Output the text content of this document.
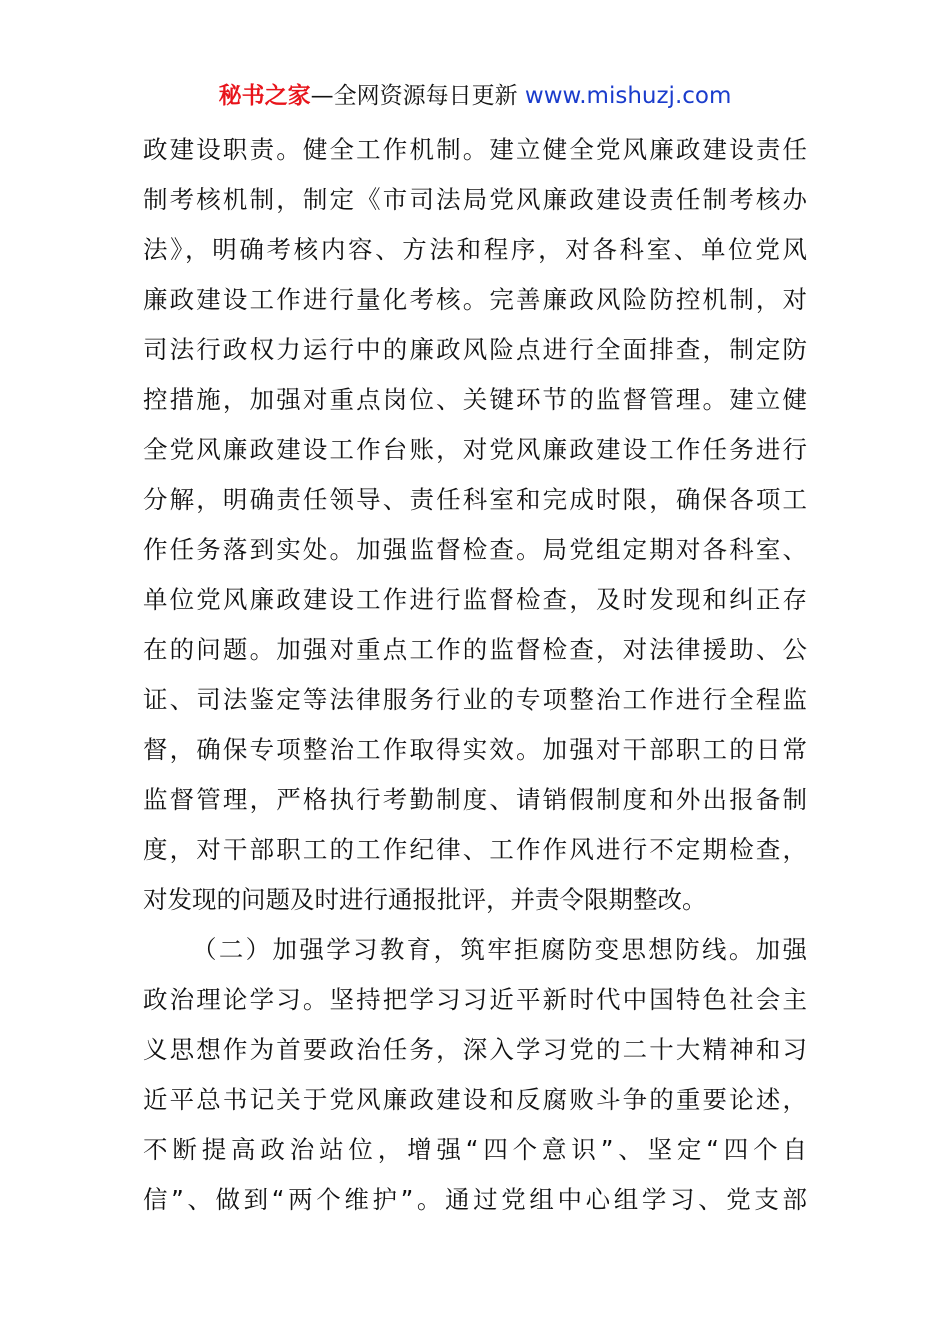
秘书之家—全网资源每日更新 www.mishuzj.com
政建设职责。健全工作机制。建立健全党风廉政建设责任
制考核机制，制定《市司法局党风廉政建设责任制考核办
法》，明确考核内容、方法和程序，对各科室、单位党风
廉政建设工作进行量化考核。完善廉政风险防控机制，对
司法行政权力运行中的廉政风险点进行全面排查，制定防
控措施，加强对重点岗位、关键环节的监督管理。建立健
全党风廉政建设工作台账，对党风廉政建设工作任务进行
分解，明确责任领导、责任科室和完成时限，确保各项工
作任务落到实处。加强监督检查。局党组定期对各科室、
单位党风廉政建设工作进行监督检查，及时发现和纠正存
在的问题。加强对重点工作的监督检查，对法律援助、公
证、司法鉴定等法律服务行业的专项整治工作进行全程监
督，确保专项整治工作取得实效。加强对干部职工的日常
监督管理，严格执行考勤制度、请销假制度和外出报备制
度，对干部职工的工作纪律、工作作风进行不定期检查，
对发现的问题及时进行通报批评，并责令限期整改。
（二）加强学习教育，筑牢拒腐防变思想防线。加强
政治理论学习。坚持把学习习近平新时代中国特色社会主
义思想作为首要政治任务，深入学习党的二十大精神和习
近平总书记关于党风廉政建设和反腐败斗争的重要论述，
不断提高政治站位，增强“四个意识”、坚定“四个自
信”、做到“两个维护”。通过党组中心组学习、党支部
